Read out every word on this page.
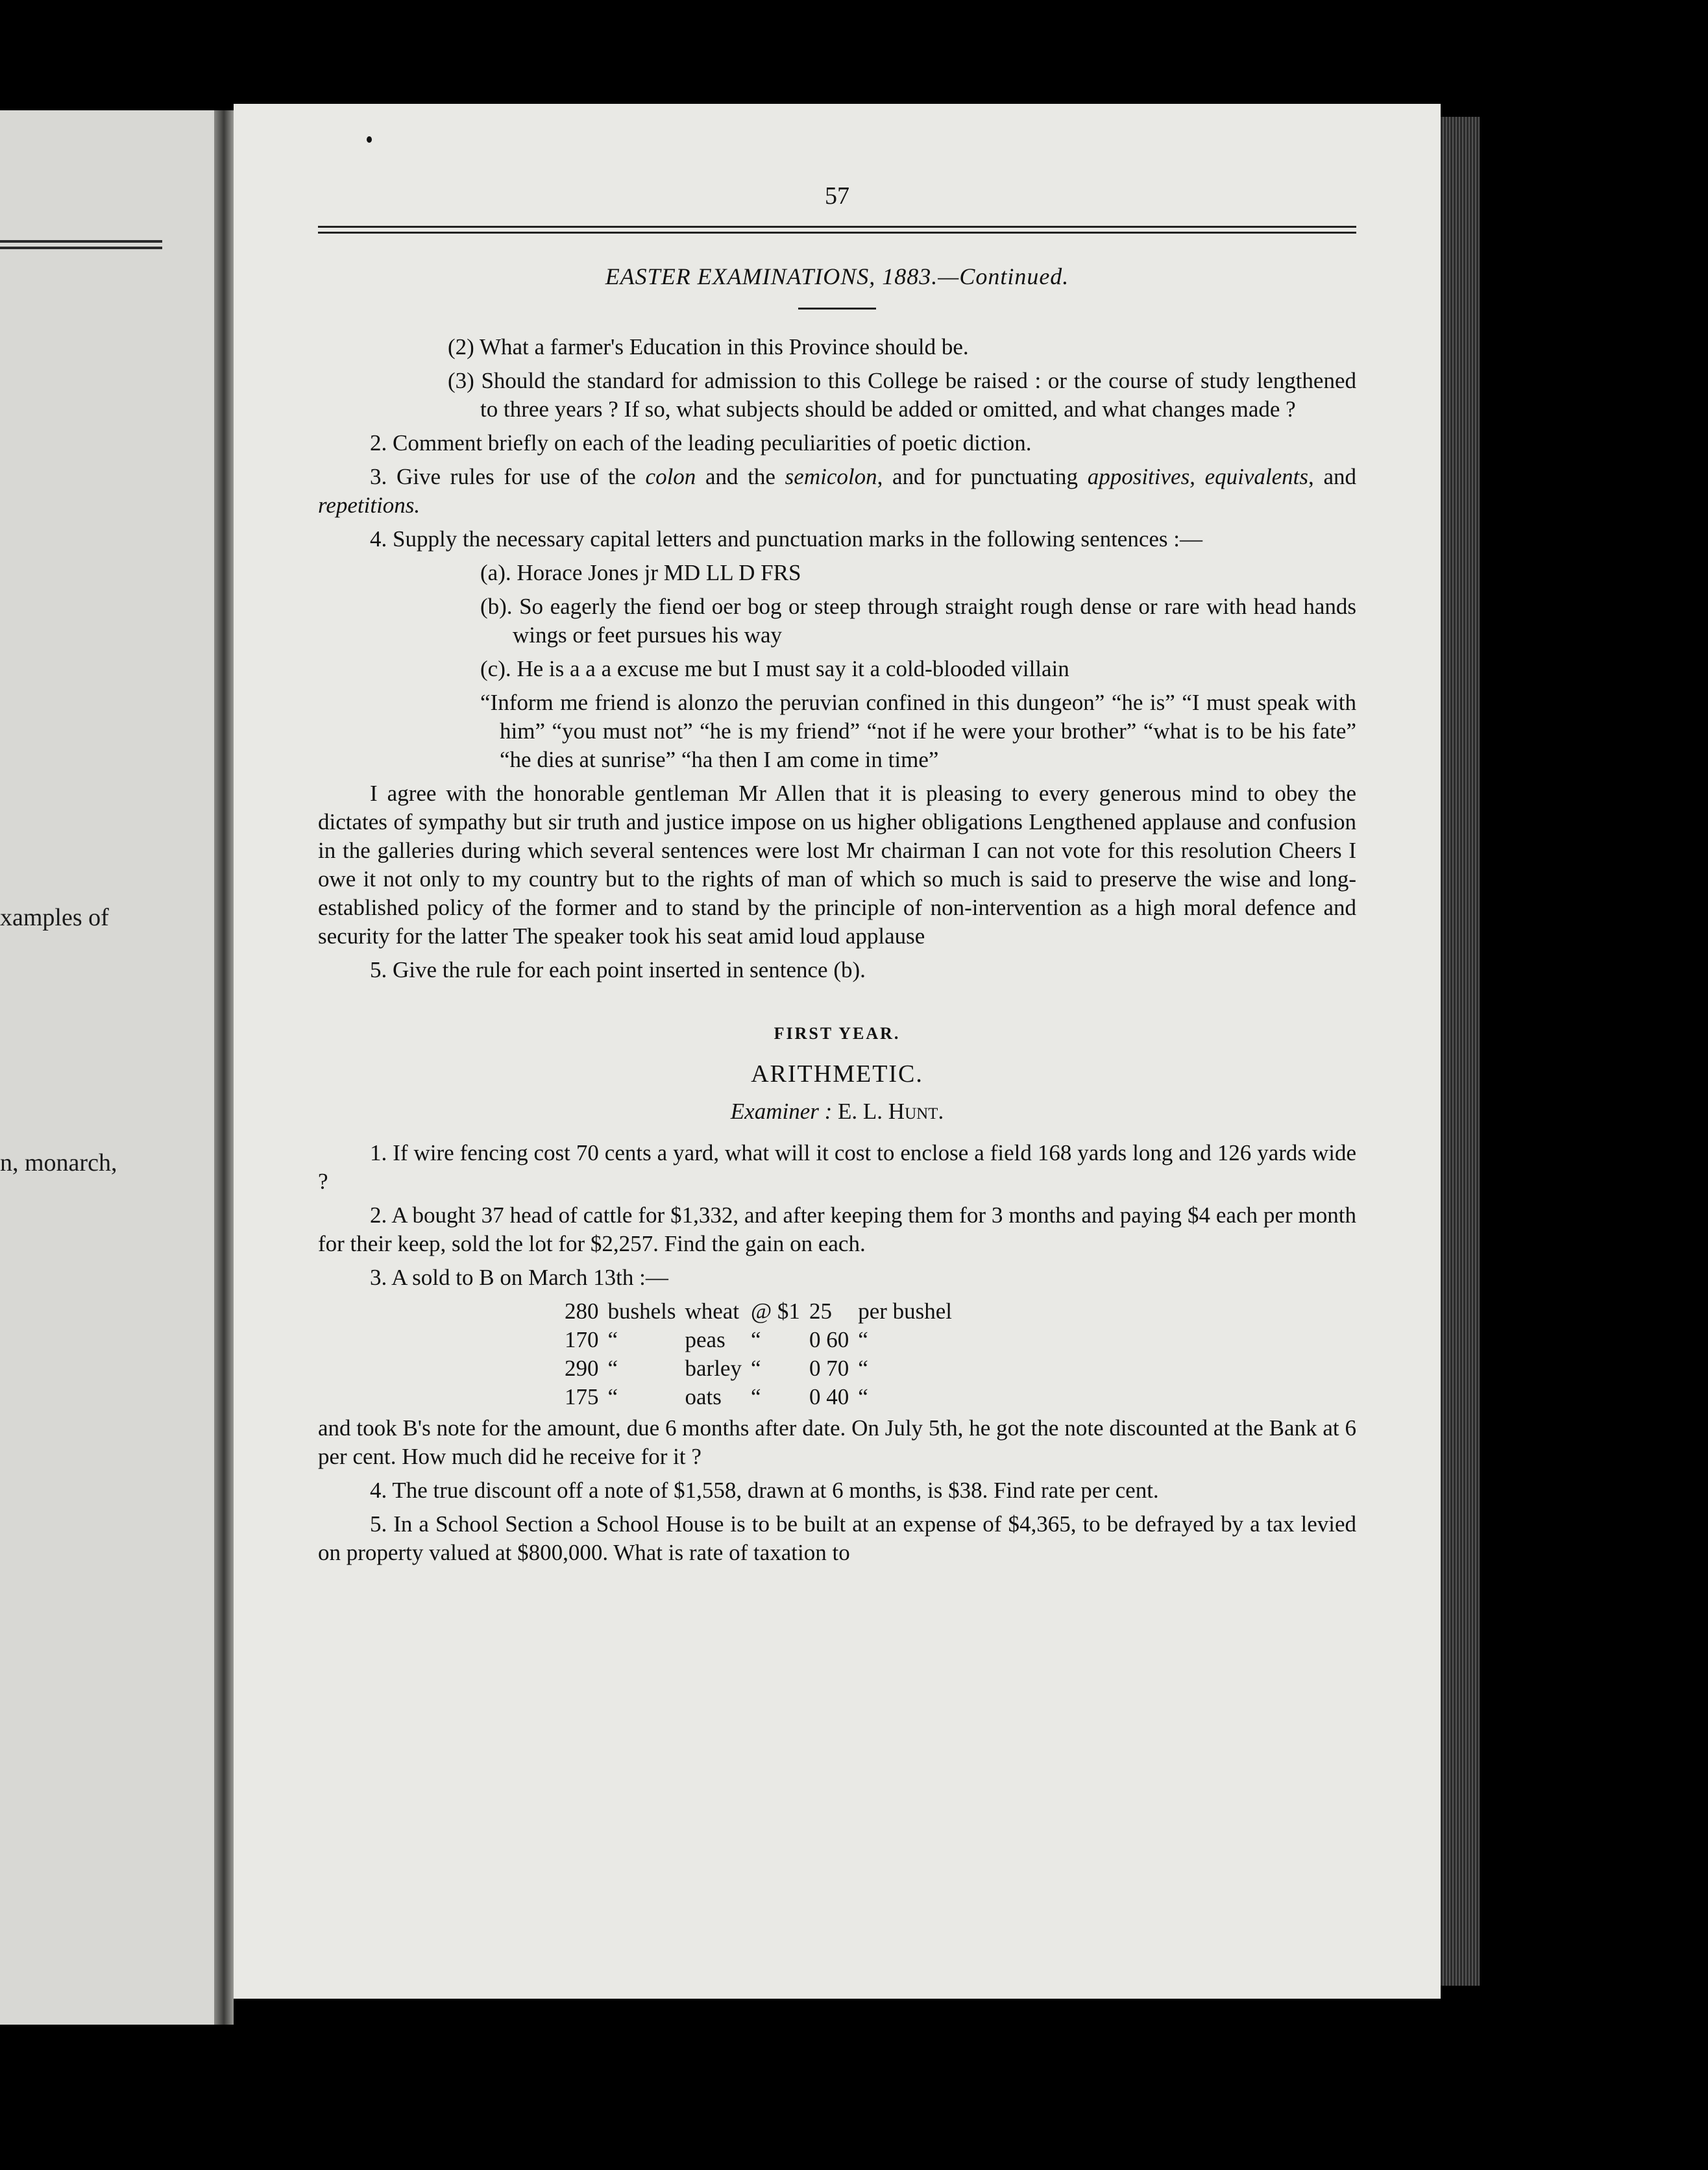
xamples of
n, monarch,
57
EASTER EXAMINATIONS, 1883.—Continued.

(2) What a farmer's Education in this Province should be.

(3) Should the standard for admission to this College be raised : or the course of study lengthened to three years ? If so, what subjects should be added or omitted, and what changes made ?

2. Comment briefly on each of the leading peculiarities of poetic diction.

3. Give rules for use of the colon and the semicolon, and for punctuating appositives, equivalents, and repetitions.

4. Supply the necessary capital letters and punctuation marks in the following sentences :—

(a). Horace Jones jr MD LL D FRS

(b). So eagerly the fiend oer bog or steep through straight rough dense or rare with head hands wings or feet pursues his way

(c). He is a a a excuse me but I must say it a cold-blooded villain

“Inform me friend is alonzo the peruvian confined in this dungeon” “he is” “I must speak with him” “you must not” “he is my friend” “not if he were your brother” “what is to be his fate” “he dies at sunrise” “ha then I am come in time”

I agree with the honorable gentleman Mr Allen that it is pleasing to every generous mind to obey the dictates of sympathy but sir truth and justice impose on us higher obligations Lengthened applause and confusion in the galleries during which several sentences were lost Mr chairman I can not vote for this resolution Cheers I owe it not only to my country but to the rights of man of which so much is said to preserve the wise and long-established policy of the former and to stand by the principle of non-intervention as a high moral defence and security for the latter The speaker took his seat amid loud applause

5. Give the rule for each point inserted in sentence (b).

FIRST YEAR.
ARITHMETIC.
Examiner : E. L. Hunt.

1. If wire fencing cost 70 cents a yard, what will it cost to enclose a field 168 yards long and 126 yards wide ?

2. A bought 37 head of cattle for $1,332, and after keeping them for 3 months and paying $4 each per month for their keep, sold the lot for $2,257. Find the gain on each.

3. A sold to B on March 13th :—

280	bushels	wheat	@ $1	25	per bushel
170	“	peas	“	0 60	“
290	“	barley	“	0 70	“
175	“	oats	“	0 40	“

and took B's note for the amount, due 6 months after date. On July 5th, he got the note discounted at the Bank at 6 per cent. How much did he receive for it ?

4. The true discount off a note of $1,558, drawn at 6 months, is $38. Find rate per cent.

5. In a School Section a School House is to be built at an expense of $4,365, to be defrayed by a tax levied on property valued at $800,000. What is rate of taxation to
